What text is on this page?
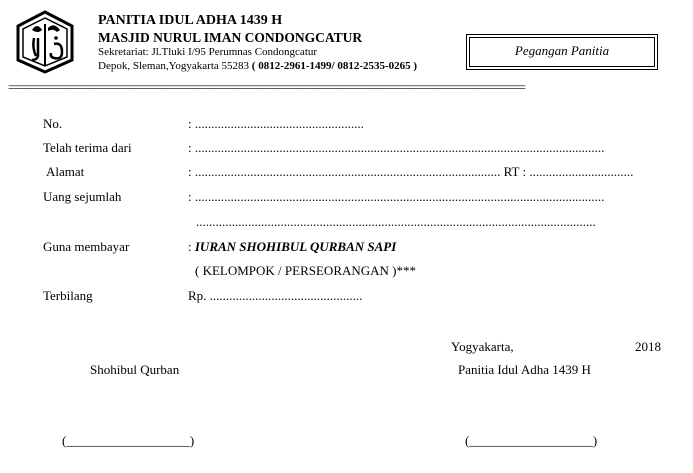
PANITIA IDUL ADHA 1439 H
MASJID NURUL IMAN CONDONGCATUR
Sekretariat: Jl.Tluki I/95 Perumnas Condongcatur
Depok, Sleman,Yogyakarta 55283 ( 0812-2961-1499/ 0812-2535-0265 )
Pegangan Panitia
===========================================================================================================================
No.	: ....................................................
Telah terima dari	: ..............................................................................................................................
Alamat	: .............................................................................................. RT : ................................
Uang sejumlah	: ..............................................................................................................................
...........................................................................................................................
Guna membayar	: IURAN SHOHIBUL QURBAN SAPI
( KELOMPOK / PERSEORANGAN )***
Terbilang	Rp. ...............................................
Yogyakarta,	2018
Shohibul Qurban	Panitia Idul Adha 1439 H
(___________________)	(___________________)
